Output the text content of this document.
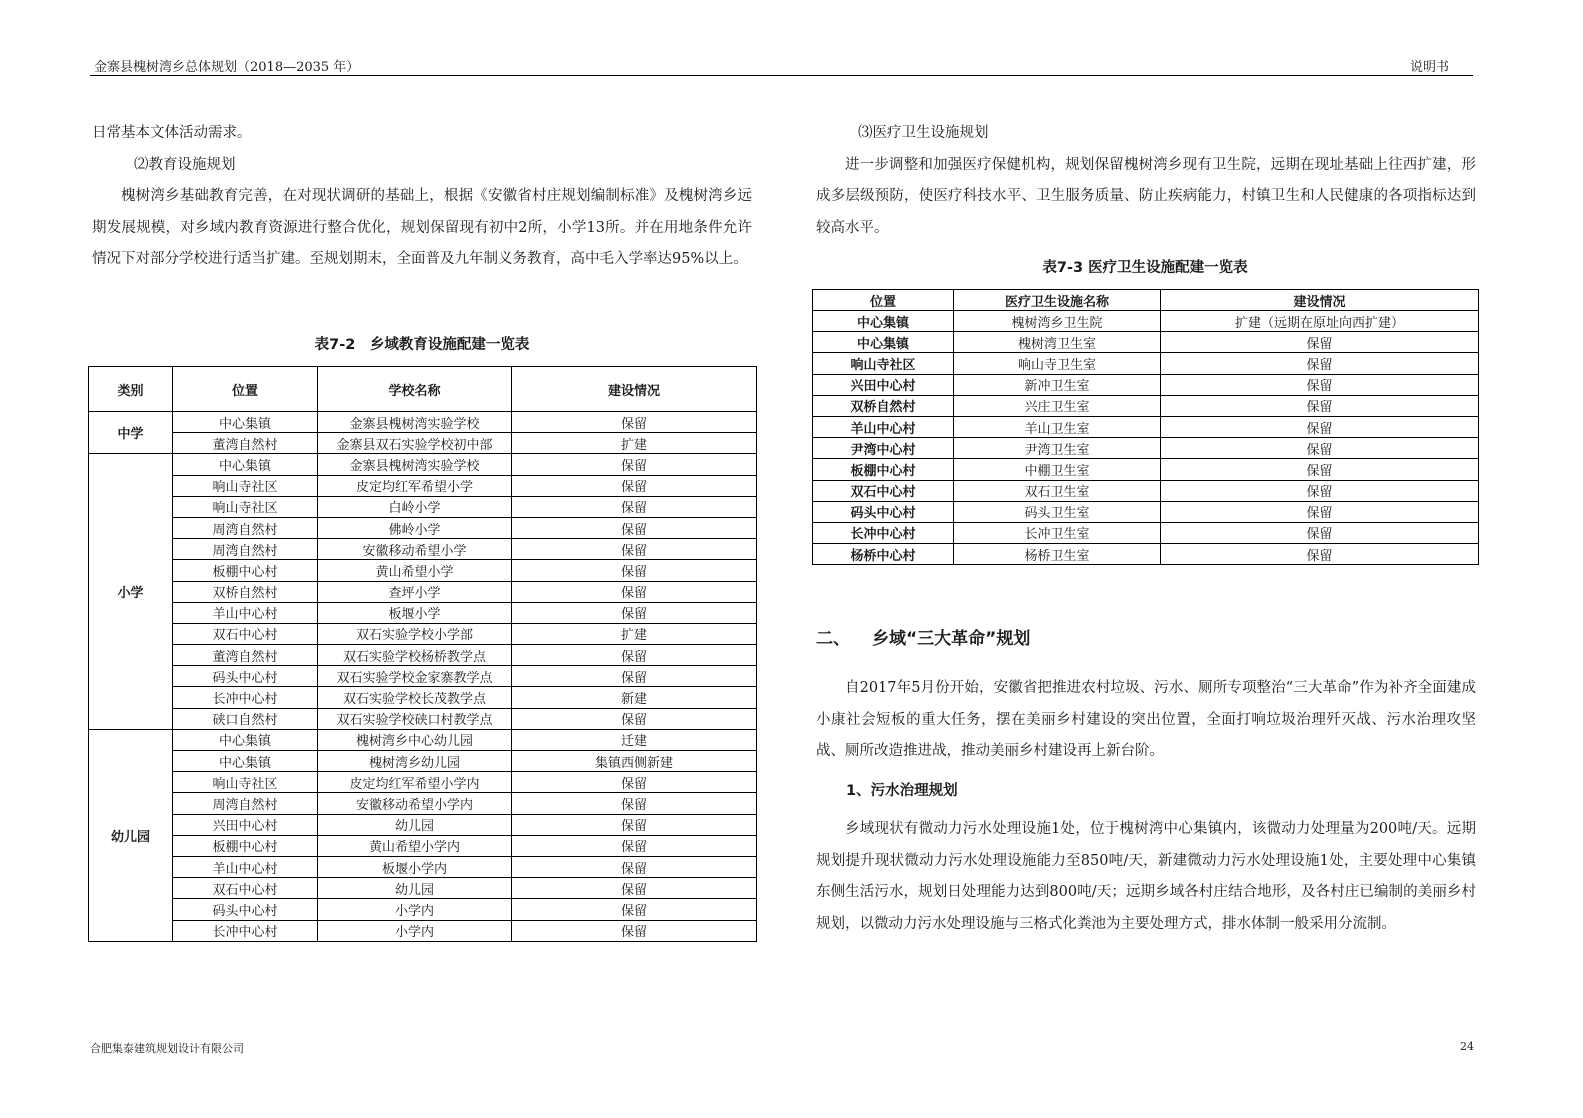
金寨县槐树湾乡总体规划（2018—2035 年）	说明书

日常基本文体活动需求。

⑵教育设施规划

槐树湾乡基础教育完善，在对现状调研的基础上，根据《安徽省村庄规划编制标准》及槐树湾乡远期发展规模，对乡域内教育资源进行整合优化，规划保留现有初中2所，小学13所。并在用地条件允许情况下对部分学校进行适当扩建。至规划期末，全面普及九年制义务教育，高中毛入学率达95%以上。

表7-2　乡域教育设施配建一览表
类别	位置	学校名称	建设情况
中学	中心集镇	金寨县槐树湾实验学校	保留
	董湾自然村	金寨县双石实验学校初中部	扩建
小学	中心集镇	金寨县槐树湾实验学校	保留
	响山寺社区	皮定均红军希望小学	保留
	响山寺社区	白岭小学	保留
	周湾自然村	佛岭小学	保留
	周湾自然村	安徽移动希望小学	保留
	板棚中心村	黄山希望小学	保留
	双桥自然村	查坪小学	保留
	羊山中心村	板堰小学	保留
	双石中心村	双石实验学校小学部	扩建
	董湾自然村	双石实验学校杨桥教学点	保留
	码头中心村	双石实验学校金家寨教学点	保留
	长冲中心村	双石实验学校长茂教学点	新建
	硖口自然村	双石实验学校硖口村教学点	保留
幼儿园	中心集镇	槐树湾乡中心幼儿园	迁建
	中心集镇	槐树湾乡幼儿园	集镇西侧新建
	响山寺社区	皮定均红军希望小学内	保留
	周湾自然村	安徽移动希望小学内	保留
	兴田中心村	幼儿园	保留
	板棚中心村	黄山希望小学内	保留
	羊山中心村	板堰小学内	保留
	双石中心村	幼儿园	保留
	码头中心村	小学内	保留
	长冲中心村	小学内	保留

⑶医疗卫生设施规划

进一步调整和加强医疗保健机构，规划保留槐树湾乡现有卫生院，远期在现址基础上往西扩建，形成多层级预防，使医疗科技水平、卫生服务质量、防止疾病能力，村镇卫生和人民健康的各项指标达到较高水平。

表7-3 医疗卫生设施配建一览表
位置	医疗卫生设施名称	建设情况
中心集镇	槐树湾乡卫生院	扩建（远期在原址向西扩建）
中心集镇	槐树湾卫生室	保留
响山寺社区	响山寺卫生室	保留
兴田中心村	新冲卫生室	保留
双桥自然村	兴庄卫生室	保留
羊山中心村	羊山卫生室	保留
尹湾中心村	尹湾卫生室	保留
板棚中心村	中棚卫生室	保留
双石中心村	双石卫生室	保留
码头中心村	码头卫生室	保留
长冲中心村	长冲卫生室	保留
杨桥中心村	杨桥卫生室	保留
二、 乡域“三大革命”规划

自2017年5月份开始，安徽省把推进农村垃圾、污水、厕所专项整治“三大革命”作为补齐全面建成小康社会短板的重大任务，摆在美丽乡村建设的突出位置，全面打响垃圾治理歼灭战、污水治理攻坚战、厕所改造推进战，推动美丽乡村建设再上新台阶。

1、污水治理规划

乡域现状有微动力污水处理设施1处，位于槐树湾中心集镇内，该微动力处理量为200吨/天。远期规划提升现状微动力污水处理设施能力至850吨/天，新建微动力污水处理设施1处，主要处理中心集镇东侧生活污水，规划日处理能力达到800吨/天；远期乡域各村庄结合地形，及各村庄已编制的美丽乡村规划，以微动力污水处理设施与三格式化粪池为主要处理方式，排水体制一般采用分流制。

合肥集泰建筑规划设计有限公司	24
